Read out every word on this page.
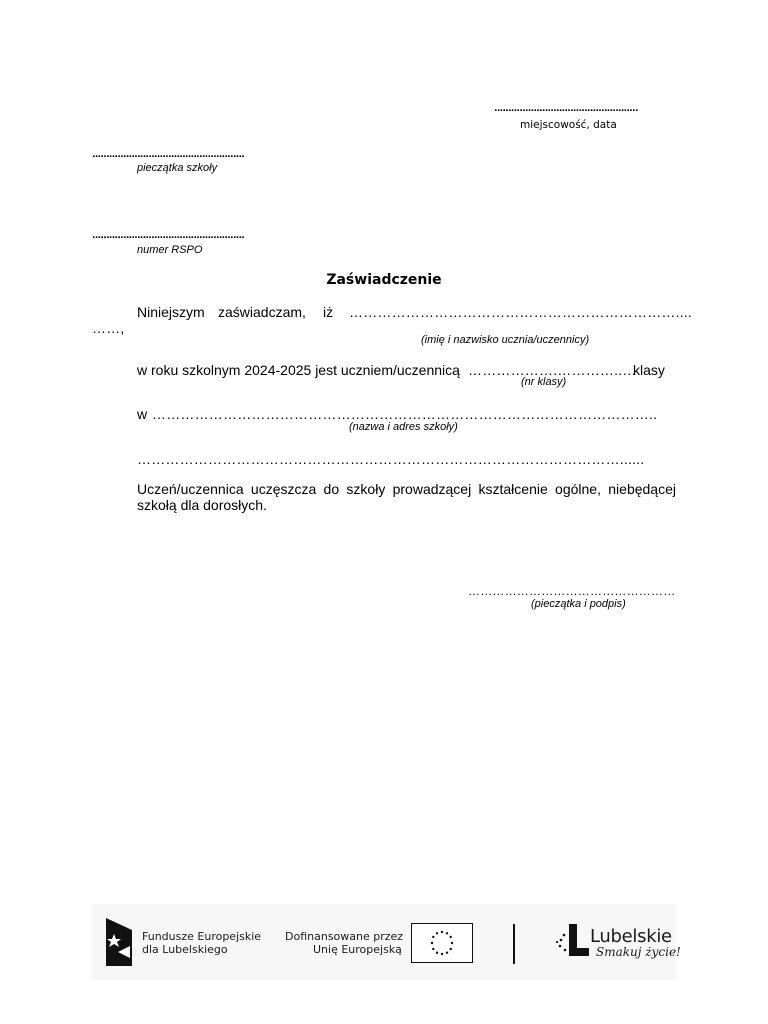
...................................................
miejscowość, data
......................................................
pieczątka szkoły
......................................................
numer RSPO
Zaświadczenie
Niniejszym zaświadczam, iż ……………………………………………………………....
……,
(imię i nazwisko ucznia/uczennicy)
w roku szkolnym 2024-2025 jest uczniem/uczennicą ……………….…………..…
klasy
(nr klasy)
w ……………………………………………………………………………………………..
(nazwa i adres szkoły)
…………………………………………………………………………………………......
Uczeń/uczennica uczęszcza do szkoły prowadzącej kształcenie ogólne, niebędącej szkołą dla dorosłych.
……………………………………………
(pieczątka i podpis)
Fundusze Europejskie
dla Lubelskiego
Dofinansowane przez
Unię Europejską
Lubelskie
Smakuj życie!
